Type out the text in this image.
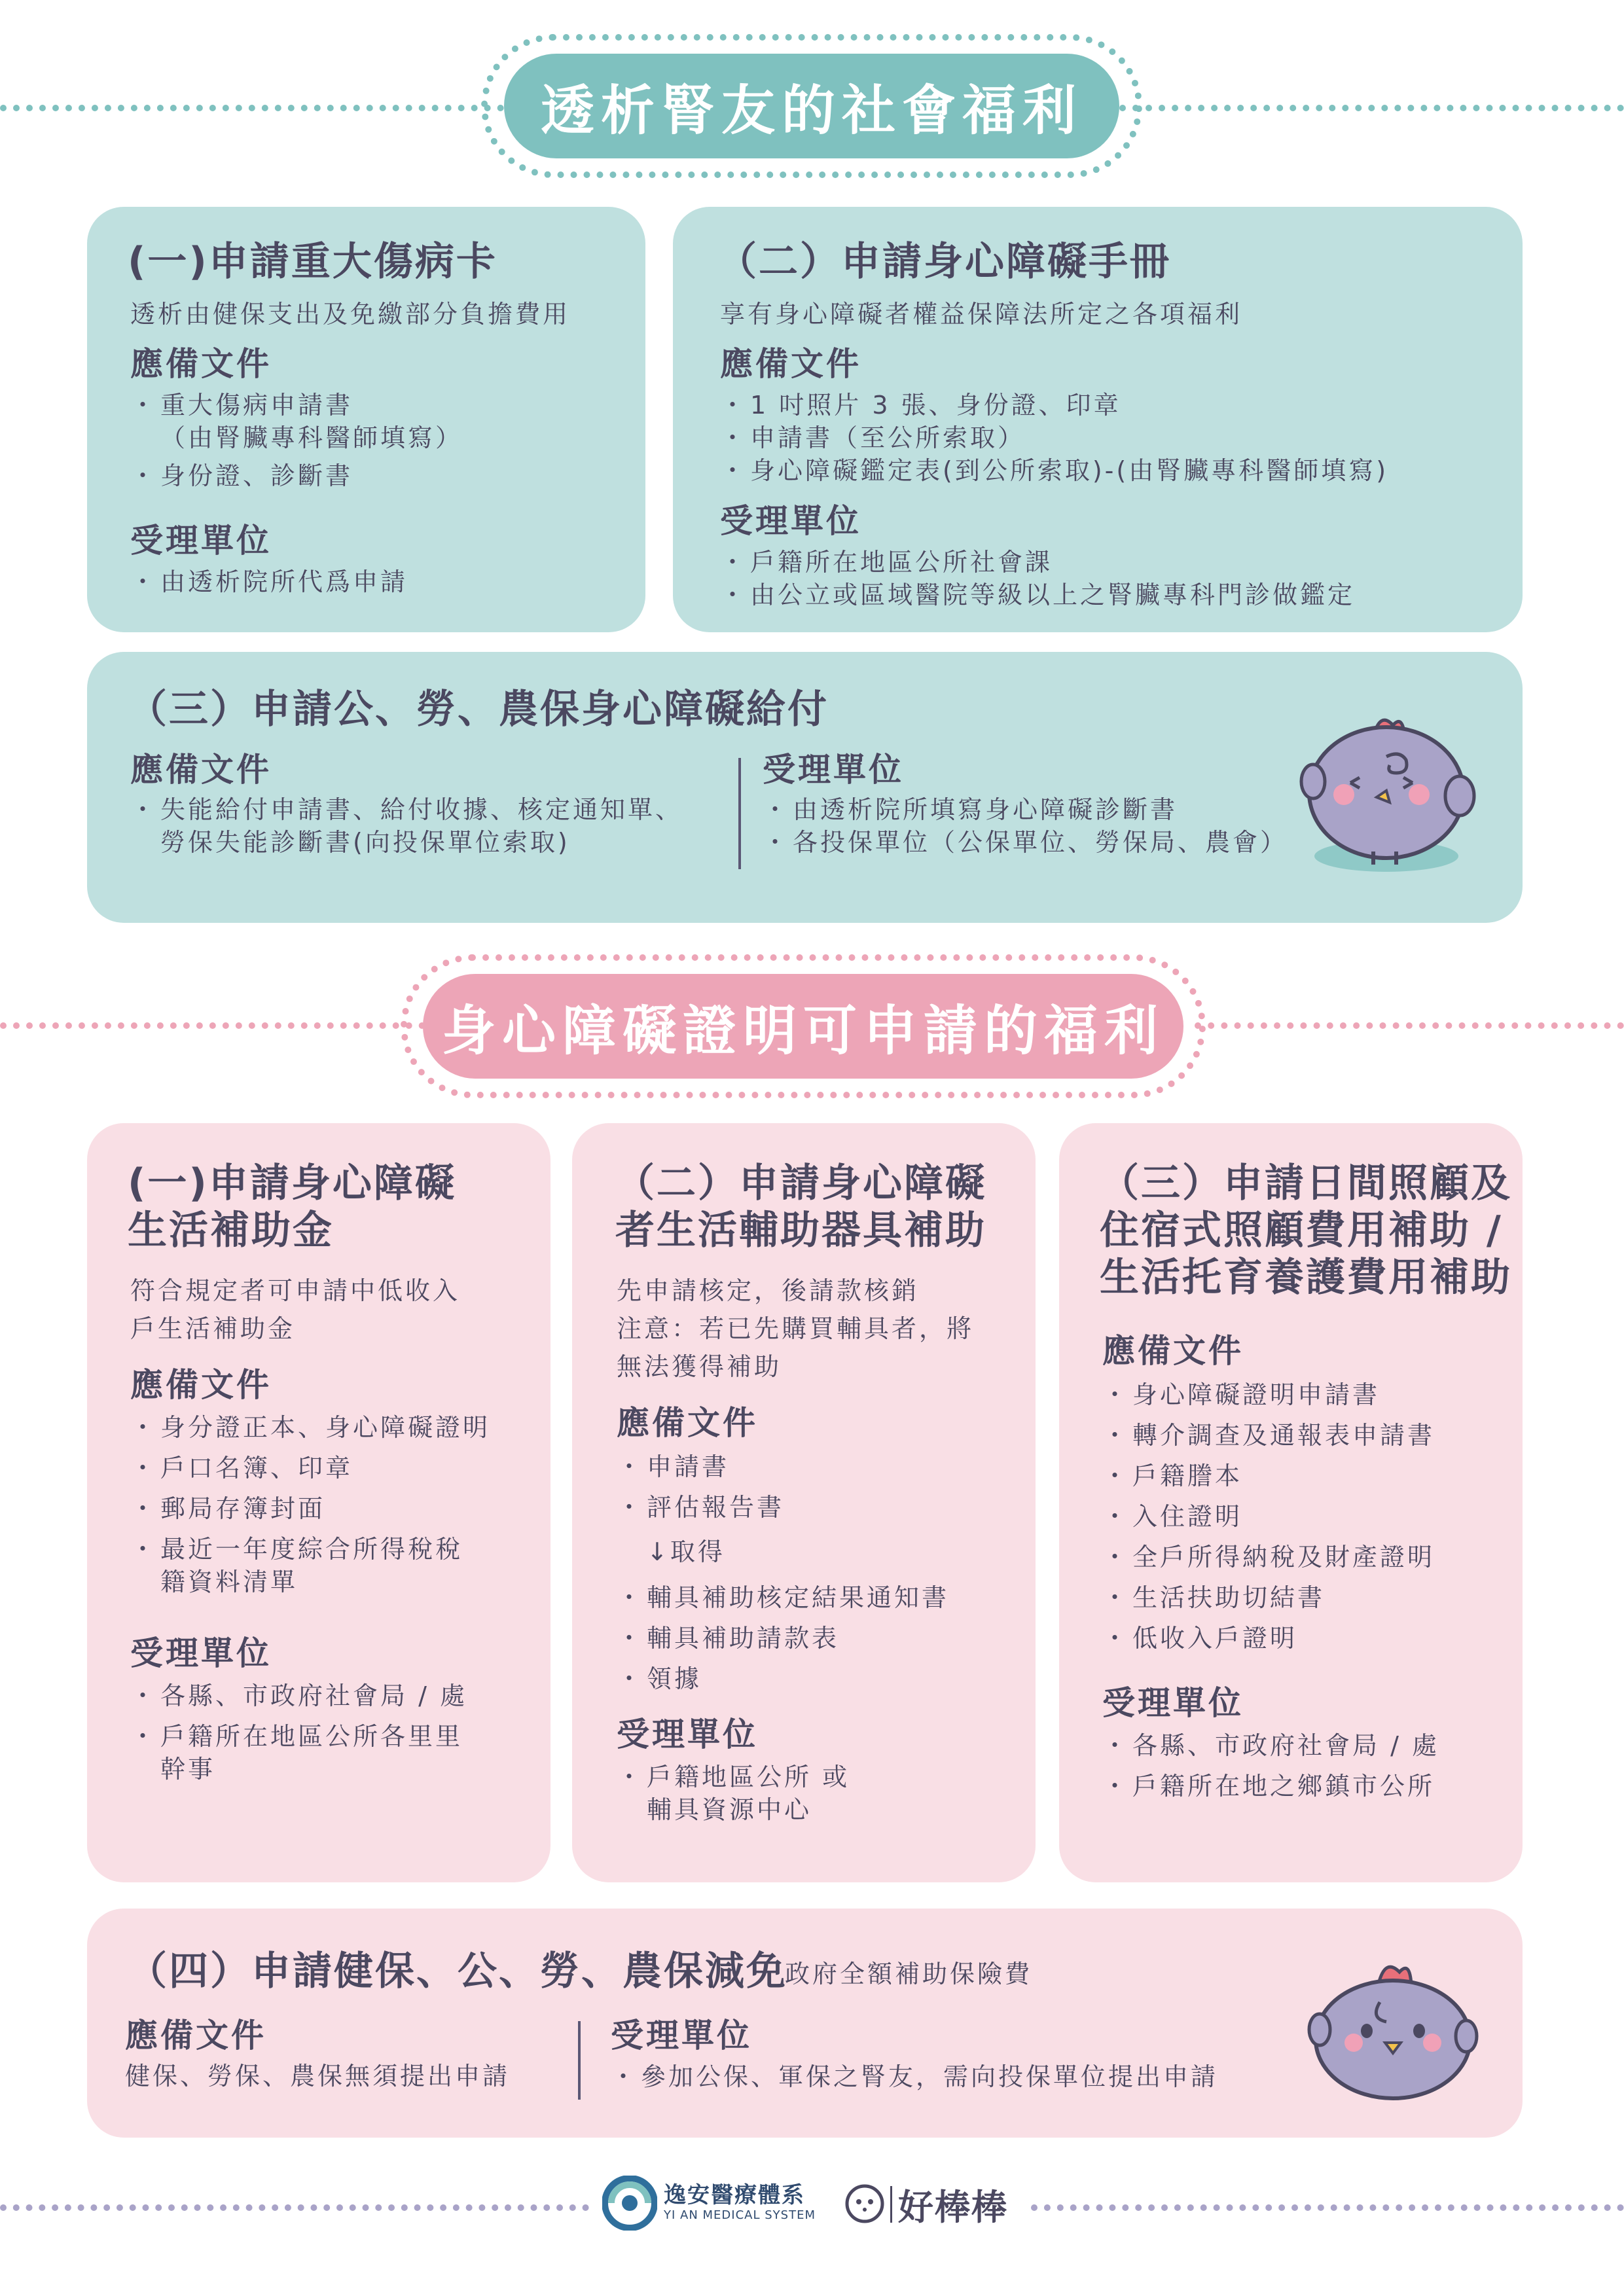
透析腎友的社會福利
(一)申請重大傷病卡
透析由健保支出及免繳部分負擔費用
應備文件
・ 重大傷病申請書
（由腎臟專科醫師填寫）
・ 身份證、診斷書
受理單位
・ 由透析院所代爲申請
（二）申請身心障礙手冊
享有身心障礙者權益保障法所定之各項福利
應備文件
・ 1 吋照片 3 張、身份證、印章
・ 申請書（至公所索取）
・ 身心障礙鑑定表(到公所索取)-(由腎臟專科醫師填寫)
受理單位
・ 戶籍所在地區公所社會課
・ 由公立或區域醫院等級以上之腎臟專科門診做鑑定
（三）申請公、勞、農保身心障礙給付
應備文件
・ 失能給付申請書、給付收據、核定通知單、
勞保失能診斷書(向投保單位索取)
受理單位
・ 由透析院所填寫身心障礙診斷書
・ 各投保單位（公保單位、勞保局、農會）
身心障礙證明可申請的福利
(一)申請身心障礙
生活補助金
符合規定者可申請中低收入
戶生活補助金
應備文件
・ 身分證正本、身心障礙證明
・ 戶口名簿、印章
・ 郵局存簿封面
・ 最近一年度綜合所得稅稅
籍資料清單
受理單位
・ 各縣、市政府社會局 / 處
・ 戶籍所在地區公所各里里
幹事
（二）申請身心障礙
者生活輔助器具補助
先申請核定，後請款核銷
注意：若已先購買輔具者，將
無法獲得補助
應備文件
・ 申請書
・ 評估報告書
↓取得
・ 輔具補助核定結果通知書
・ 輔具補助請款表
・ 領據
受理單位
・ 戶籍地區公所 或
輔具資源中心
（三）申請日間照顧及
住宿式照顧費用補助 /
生活托育養護費用補助
應備文件
・ 身心障礙證明申請書
・ 轉介調查及通報表申請書
・ 戶籍謄本
・ 入住證明
・ 全戶所得納稅及財產證明
・ 生活扶助切結書
・ 低收入戶證明
受理單位
・ 各縣、市政府社會局 / 處
・ 戶籍所在地之鄉鎮市公所
（四）申請健保、公、勞、農保減免
政府全額補助保險費
應備文件
健保、勞保、農保無須提出申請
受理單位
・ 參加公保、軍保之腎友，需向投保單位提出申請
逸安醫療體系
YI AN MEDICAL SYSTEM 好棒棒
